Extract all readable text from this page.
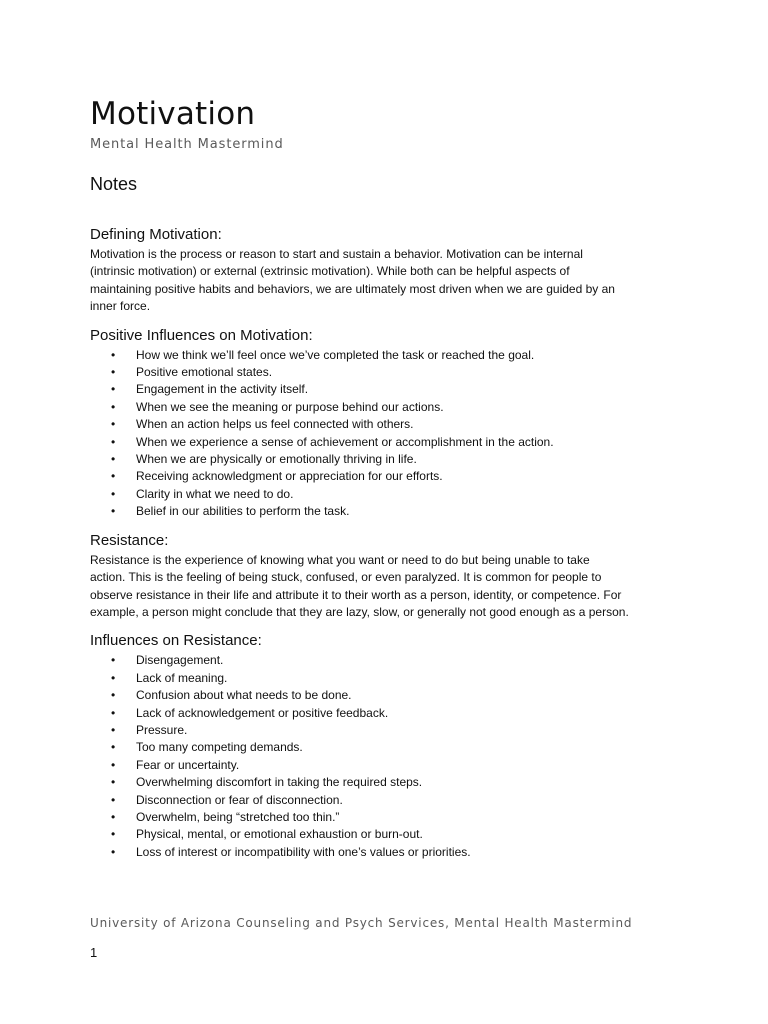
Motivation
Mental Health Mastermind
Notes
Defining Motivation:

Motivation is the process or reason to start and sustain a behavior. Motivation can be internal
(intrinsic motivation) or external (extrinsic motivation). While both can be helpful aspects of
maintaining positive habits and behaviors, we are ultimately most driven when we are guided by an
inner force.

Positive Influences on Motivation:
• How we think we’ll feel once we’ve completed the task or reached the goal.
• Positive emotional states.
• Engagement in the activity itself.
• When we see the meaning or purpose behind our actions.
• When an action helps us feel connected with others.
• When we experience a sense of achievement or accomplishment in the action.
• When we are physically or emotionally thriving in life.
• Receiving acknowledgment or appreciation for our efforts.
• Clarity in what we need to do.
• Belief in our abilities to perform the task.
Resistance:

Resistance is the experience of knowing what you want or need to do but being unable to take
action. This is the feeling of being stuck, confused, or even paralyzed. It is common for people to
observe resistance in their life and attribute it to their worth as a person, identity, or competence. For
example, a person might conclude that they are lazy, slow, or generally not good enough as a person.

Influences on Resistance:
• Disengagement.
• Lack of meaning.
• Confusion about what needs to be done.
• Lack of acknowledgement or positive feedback.
• Pressure.
• Too many competing demands.
• Fear or uncertainty.
• Overwhelming discomfort in taking the required steps.
• Disconnection or fear of disconnection.
• Overwhelm, being “stretched too thin.”
• Physical, mental, or emotional exhaustion or burn-out.
• Loss of interest or incompatibility with one’s values or priorities.
University of Arizona Counseling and Psych Services, Mental Health Mastermind
1
